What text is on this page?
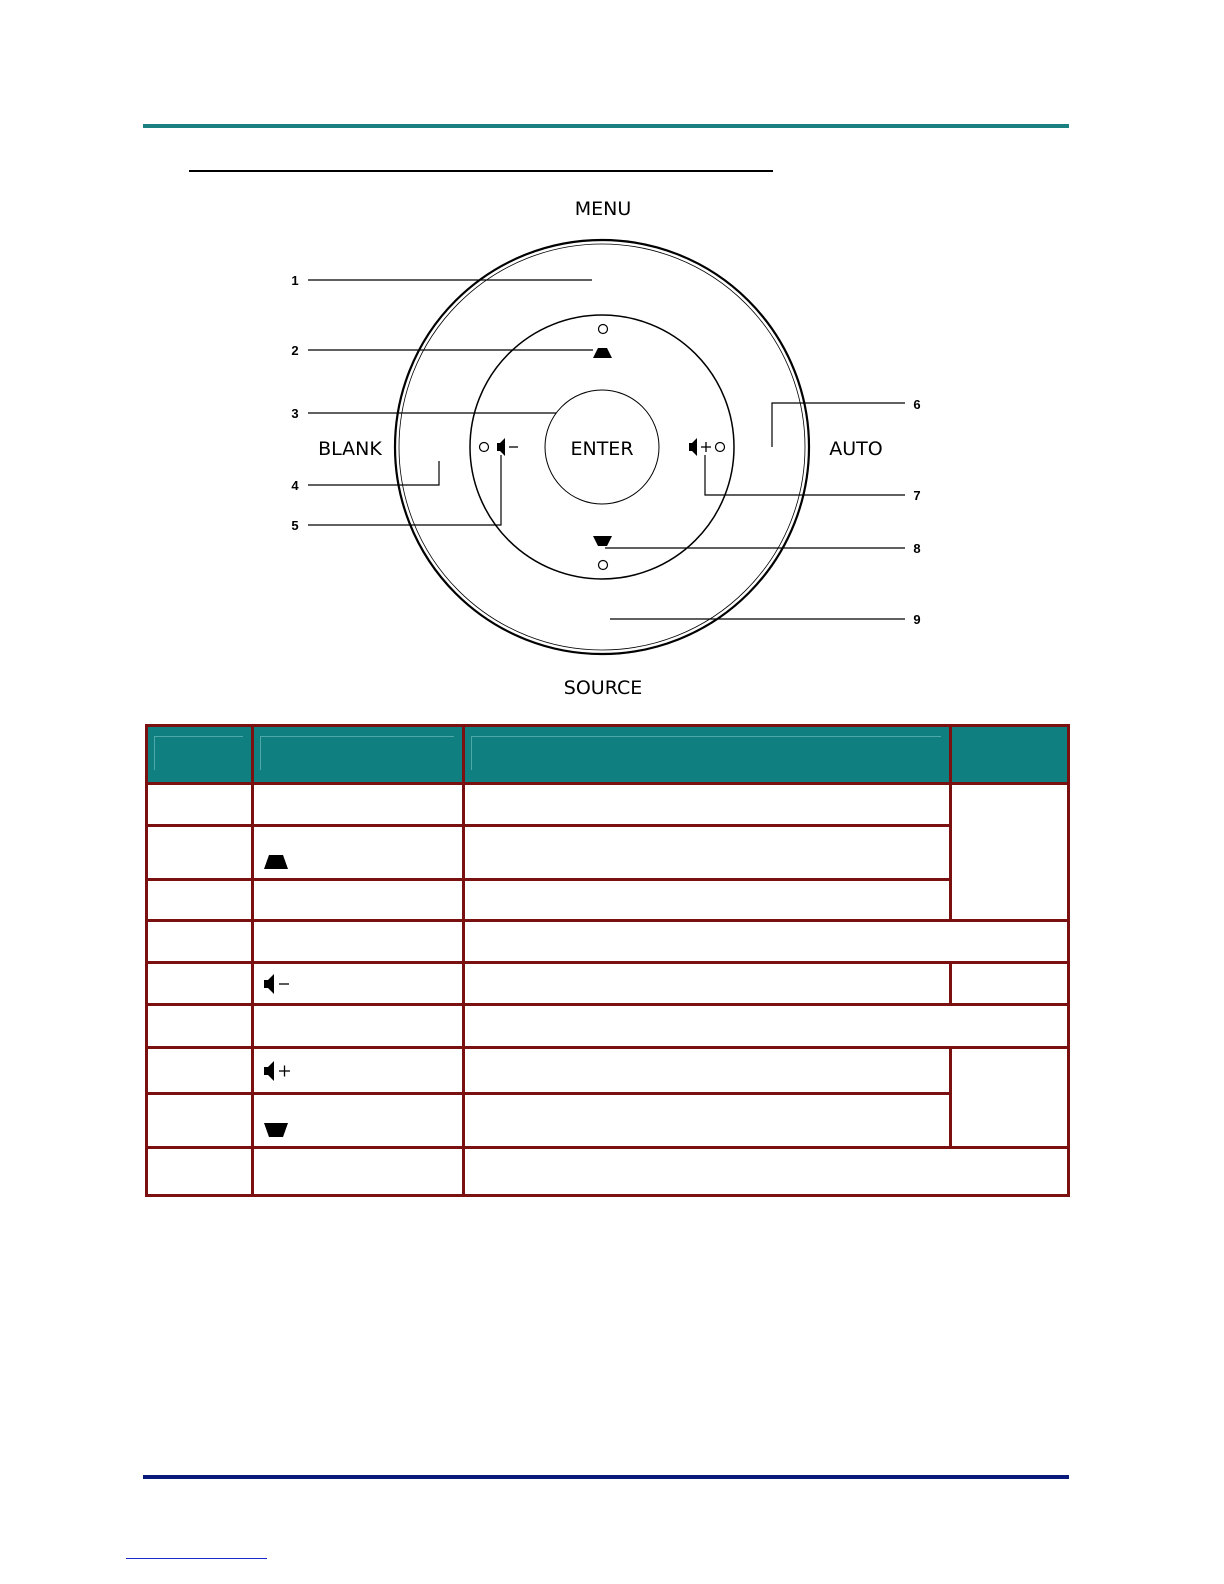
MENU
ENTER
BLANK	AUTO
SOURCE
1
2
3
4
5
6
7
8
9
